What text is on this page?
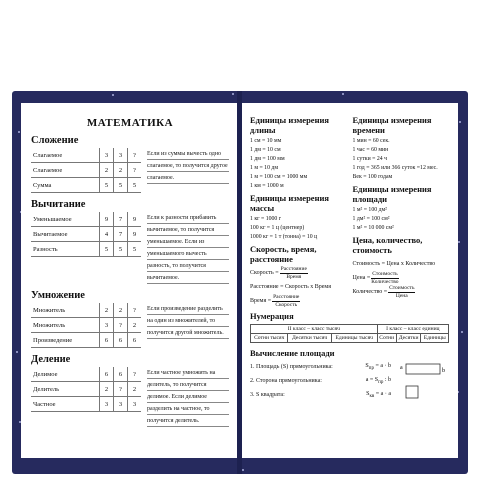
МАТЕМАТИКА
Сложение
Слагаемое	3	3	?
Слагаемое	2	2	?
Сумма	5	5	5
Если из суммы вычесть одно слагаемое, то получится другое слагаемое.
Вычитание
Уменьшаемое	9	7	9
Вычитаемое	4	7	9
Разность	5	5	5
Если к разности прибавить вычитаемое, то получится уменьшаемое. Если из уменьшаемого вычесть разность, то получится вычитаемое.
Умножение
Множитель	2	2	?
Множитель	3	?	2
Произведение	6	6	6
Если произведение разделить на один из множителей, то получится другой множитель.
Деление
Делимое	6	6	?
Делитель	2	?	2
Частное	3	3	3
Если частное умножить на делитель, то получится делимое. Если делимое разделить на частное, то получится делитель.
Единицы измерения длины
1 см = 10 мм
1 дм = 10 см
1 дм = 100 мм
1 м = 10 дм
1 м = 100 см = 1000 мм
1 км = 1000 м
Единицы измерения массы
1 кг = 1000 г
100 кг = 1 ц (центнер)
1000 кг = 1 т (тонна) = 10 ц
Скорость, время, расстояние
Скорость = $\frac{\text{Расстояние}}{\text{Время}}$
Расстояние = Скорость x Время
Время = $\frac{\text{Расстояние}}{\text{Скорость}}$
Единицы измерения времени
1 мин = 60 сек.
1 час = 60 мин
1 сутки = 24 ч
1 год = 365 или 366 суток =12 мес.
Век = 100 годам
Единицы измерения площади
1 м² = 100 дм²
1 дм² = 100 см²
1 м² = 10 000 см²
Цена, количество, стоимость
Стоимость = Цена x Количество
Цена = $\frac{\text{Стоимость}}{\text{Количество}}$
Количество = $\frac{\text{Стоимость}}{\text{Цена}}$
Нумерация
II класс – класс тысяч			I класс – класс единиц		
Сотни тысяч	Десятки тысяч	Единицы тысяч	Сотни	Десятки	Единицы
Вычисление площади
1. Площадь (S) прямоугольника:	$S_{пр} = a \cdot b$
2. Сторона прямоугольника:	$a = S_{пр}$ : b
3. S квадрата:	$S_{кв} = a \cdot a$
a	b
